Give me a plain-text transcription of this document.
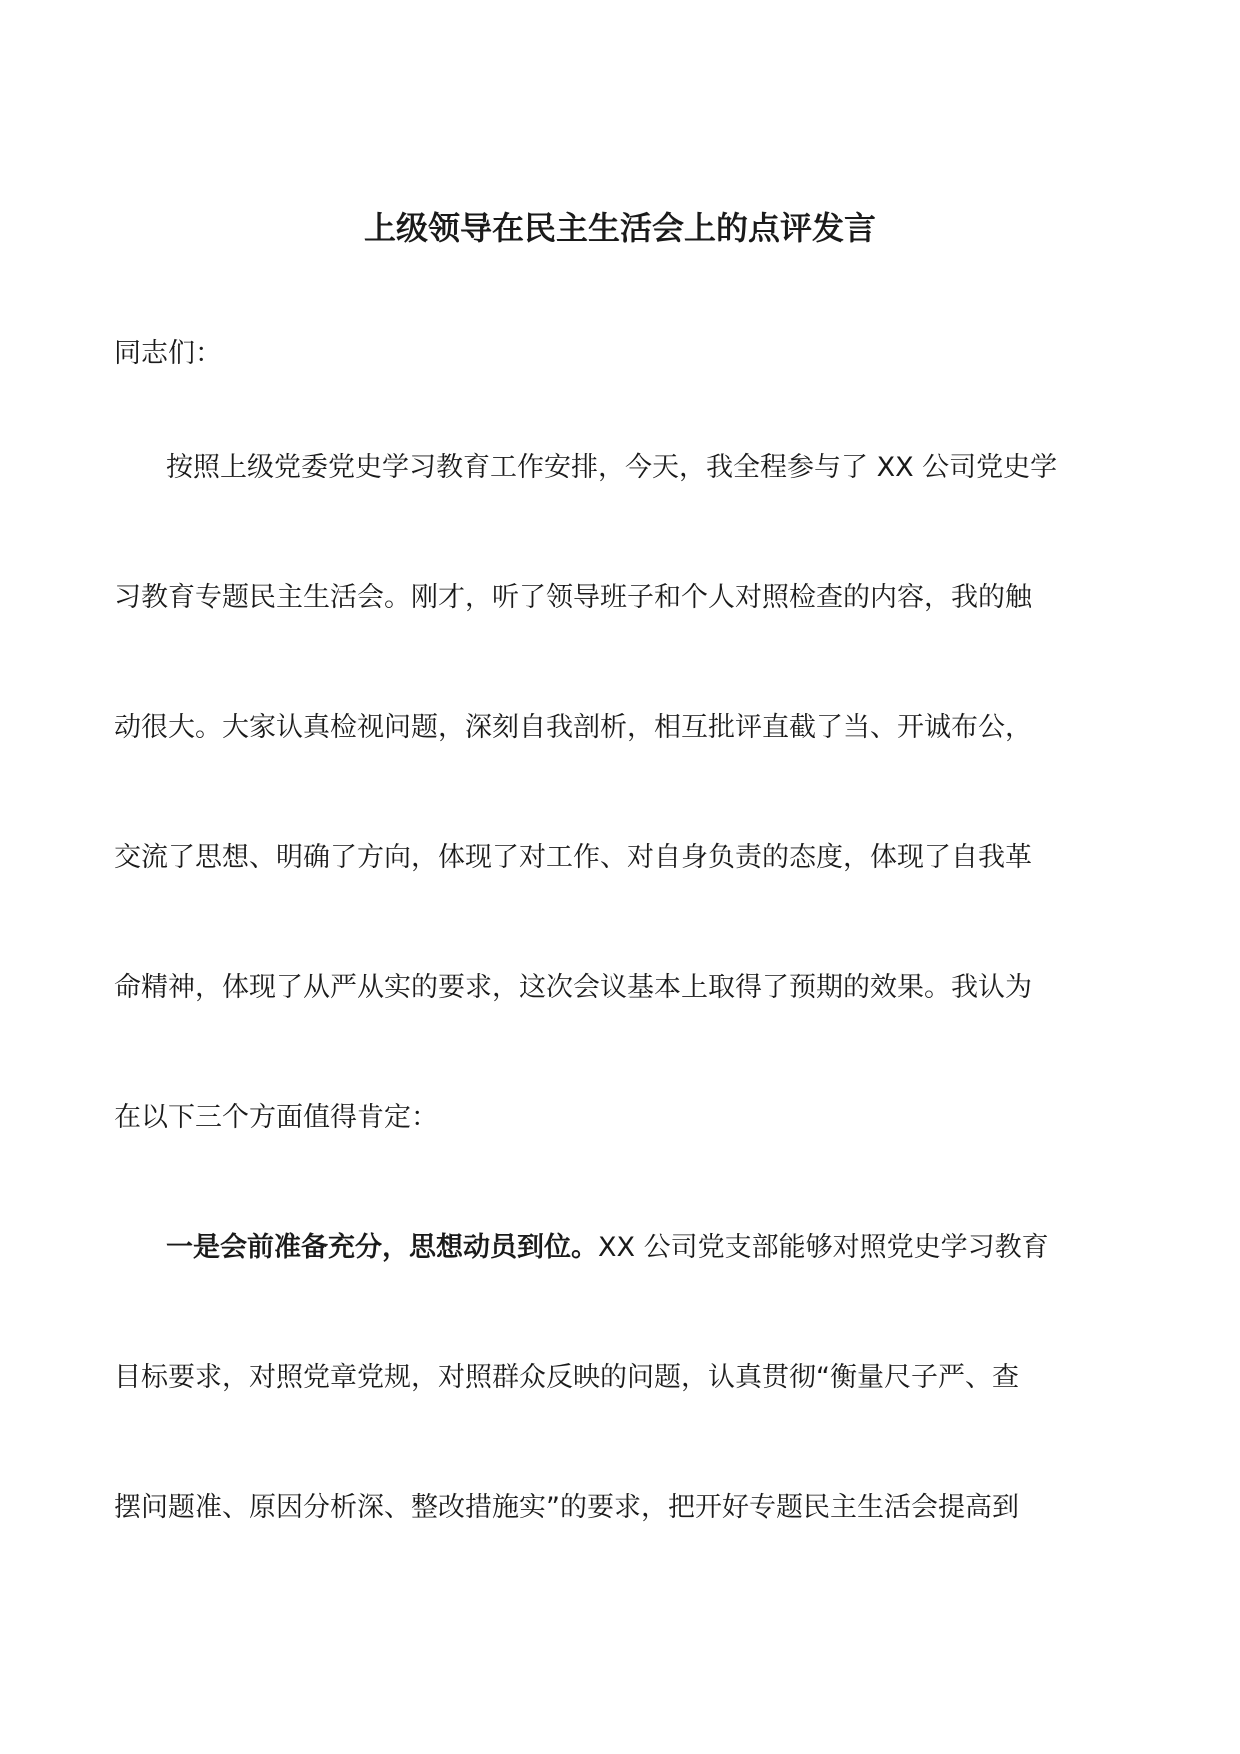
上级领导在民主生活会上的点评发言

同志们：

按照上级党委党史学习教育工作安排，今天，我全程参与了 XX 公司党史学

习教育专题民主生活会。刚才，听了领导班子和个人对照检查的内容，我的触

动很大。大家认真检视问题，深刻自我剖析，相互批评直截了当、开诚布公，

交流了思想、明确了方向，体现了对工作、对自身负责的态度，体现了自我革

命精神，体现了从严从实的要求，这次会议基本上取得了预期的效果。我认为

在以下三个方面值得肯定：

一是会前准备充分，思想动员到位。XX 公司党支部能够对照党史学习教育

目标要求，对照党章党规，对照群众反映的问题，认真贯彻“衡量尺子严、查

摆问题准、原因分析深、整改措施实”的要求，把开好专题民主生活会提高到
